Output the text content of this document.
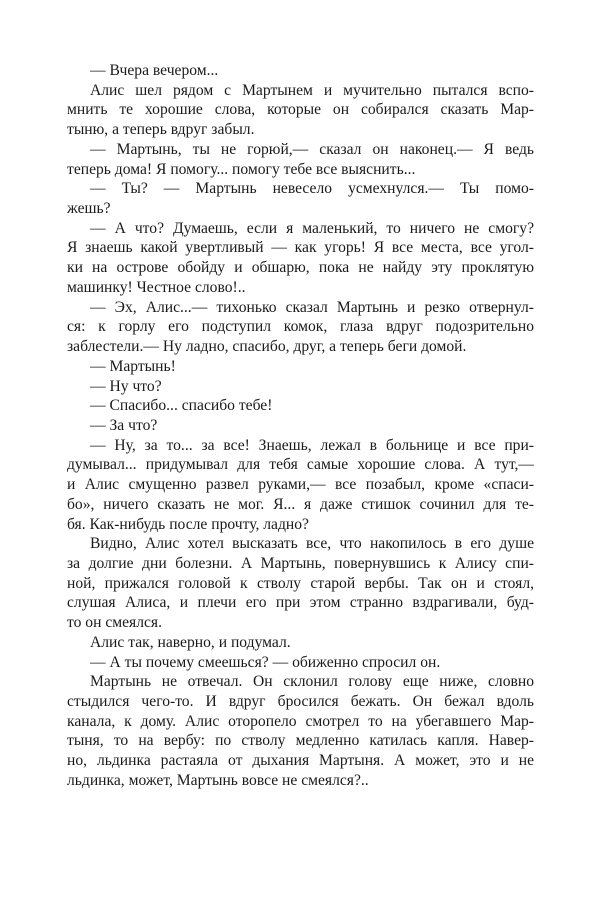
— Вчера вечером...
Алис шел рядом с Мартынем и мучительно пытался вспо-
мнить те хорошие слова, которые он собирался сказать Мар-
тыню, а теперь вдруг забыл.
— Мартынь, ты не горюй,— сказал он наконец.— Я ведь
теперь дома! Я помогу... помогу тебе все выяснить...
— Ты? — Мартынь невесело усмехнулся.— Ты помо-
жешь?
— А что? Думаешь, если я маленький, то ничего не смогу?
Я знаешь какой увертливый — как угорь! Я все места, все угол-
ки на острове обойду и обшарю, пока не найду эту проклятую
машинку! Честное слово!..
— Эх, Алис...— тихонько сказал Мартынь и резко отвернул-
ся: к горлу его подступил комок, глаза вдруг подозрительно
заблестели.— Ну ладно, спасибо, друг, а теперь беги домой.
— Мартынь!
— Ну что?
— Спасибо... спасибо тебе!
— За что?
— Ну, за то... за все! Знаешь, лежал в больнице и все при-
думывал... придумывал для тебя самые хорошие слова. А тут,—
и Алис смущенно развел руками,— все позабыл, кроме «спаси-
бо», ничего сказать не мог. Я... я даже стишок сочинил для те-
бя. Как-нибудь после прочту, ладно?
Видно, Алис хотел высказать все, что накопилось в его душе
за долгие дни болезни. А Мартынь, повернувшись к Алису спи-
ной, прижался головой к стволу старой вербы. Так он и стоял,
слушая Алиса, и плечи его при этом странно вздрагивали, буд-
то он смеялся.
Алис так, наверно, и подумал.
— А ты почему смеешься? — обиженно спросил он.
Мартынь не отвечал. Он склонил голову еще ниже, словно
стыдился чего-то. И вдруг бросился бежать. Он бежал вдоль
канала, к дому. Алис оторопело смотрел то на убегавшего Мар-
тыня, то на вербу: по стволу медленно катилась капля. Навер-
но, льдинка растаяла от дыхания Мартыня. А может, это и не
льдинка, может, Мартынь вовсе не смеялся?..
